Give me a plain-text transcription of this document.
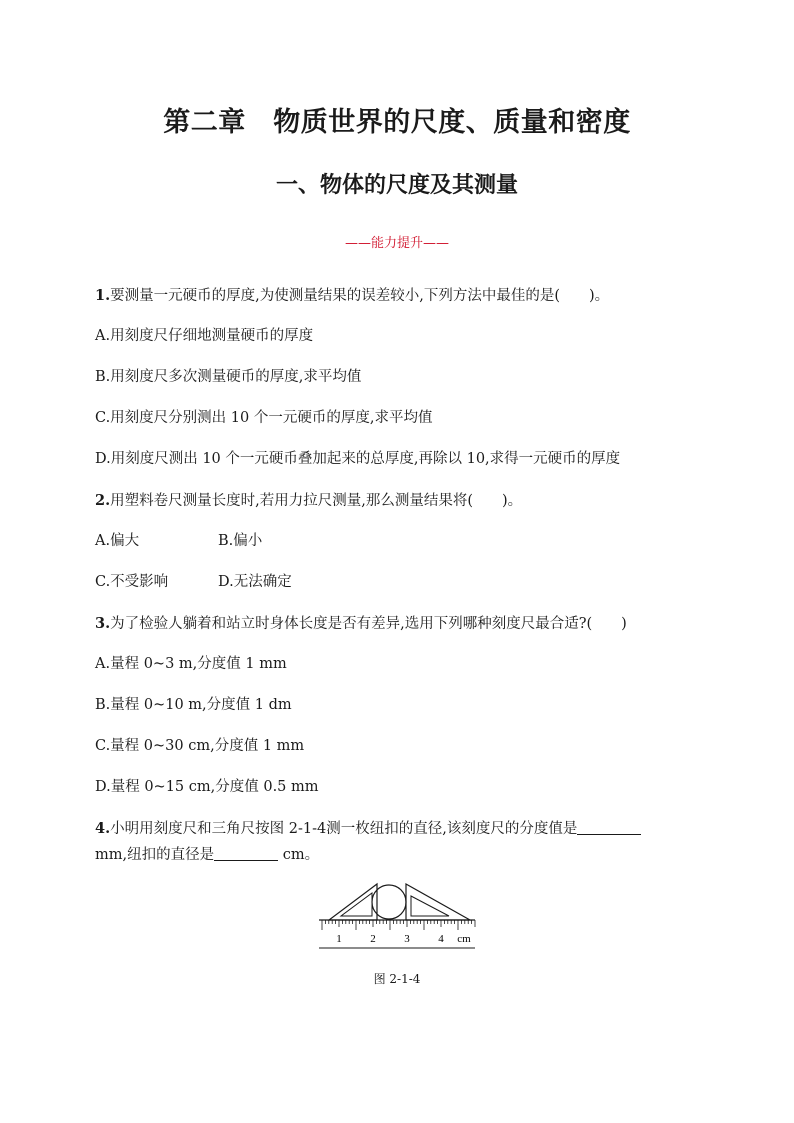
第二章　物质世界的尺度、质量和密度
一、物体的尺度及其测量

——能力提升——

1.要测量一元硬币的厚度,为使测量结果的误差较小,下列方法中最佳的是(  )。

A.用刻度尺仔细地测量硬币的厚度

B.用刻度尺多次测量硬币的厚度,求平均值

C.用刻度尺分别测出 10 个一元硬币的厚度,求平均值

D.用刻度尺测出 10 个一元硬币叠加起来的总厚度,再除以 10,求得一元硬币的厚度

2.用塑料卷尺测量长度时,若用力拉尺测量,那么测量结果将(  )。

A.偏大	B.偏小

C.不受影响	D.无法确定

3.为了检验人躺着和站立时身体长度是否有差异,选用下列哪种刻度尺最合适?(  )

A.量程 0~3 m,分度值 1 mm

B.量程 0~10 m,分度值 1 dm

C.量程 0~30 cm,分度值 1 mm

D.量程 0~15 cm,分度值 0.5 mm

4.小明用刻度尺和三角尺按图 2-1-4测一枚纽扣的直径,该刻度尺的分度值是
mm,纽扣的直径是	cm。

1	2	3	4 cm

图 2-1-4
